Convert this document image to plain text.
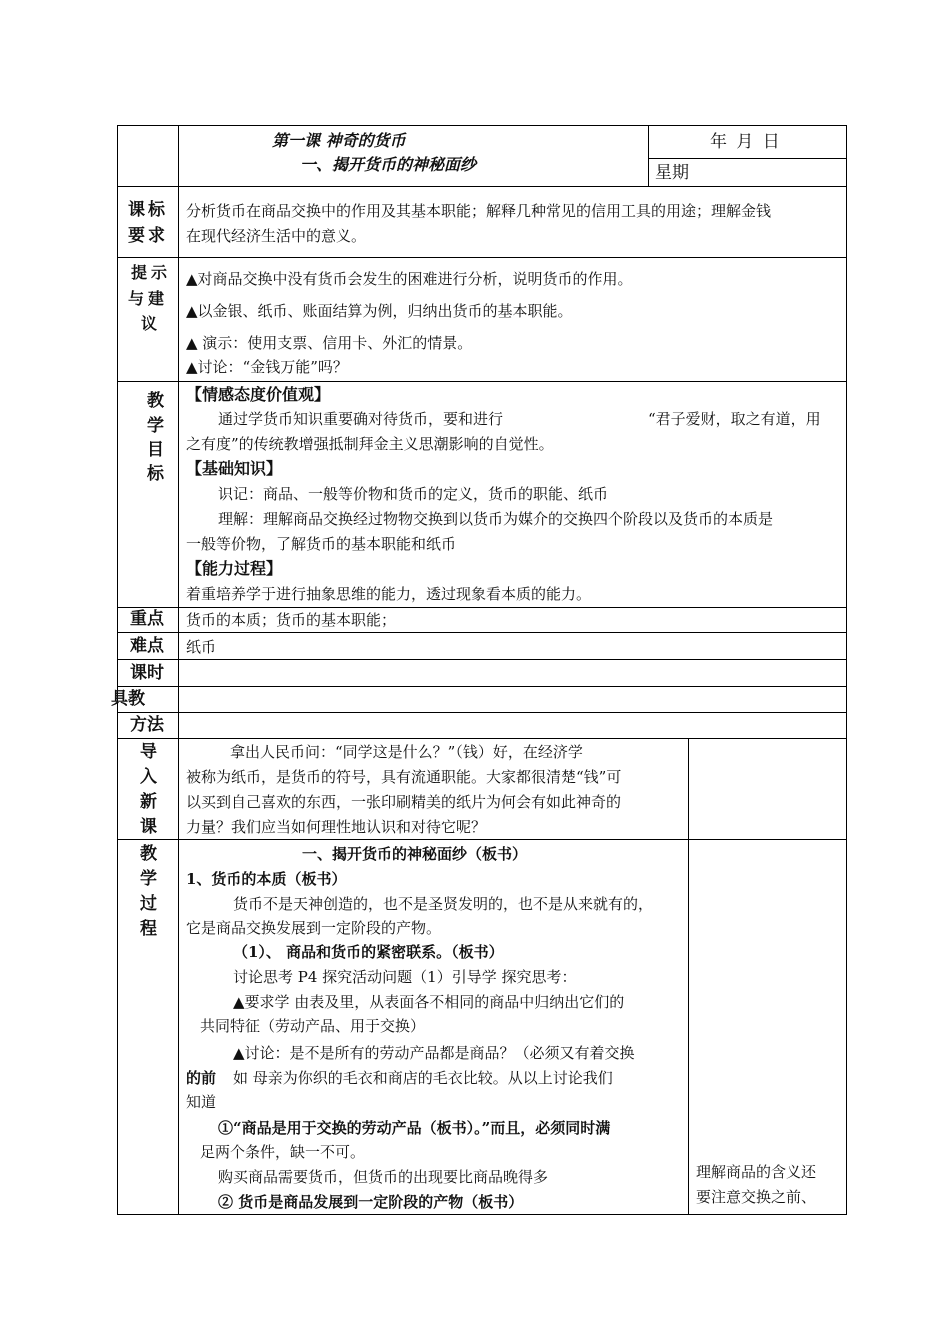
第一课 神奇的货币
一、揭开货币的神秘面纱
年 月 日
星期
课标
要求
分析货币在商品交换中的作用及其基本职能；解释几种常见的信用工具的用途；理解金钱
在现代经济生活中的意义。
提示
与建
议
▲对商品交换中没有货币会发生的困难进行分析，说明货币的作用。
▲以金银、纸币、账面结算为例，归纳出货币的基本职能。
▲ 演示：使用支票、信用卡、外汇的情景。
▲讨论：“金钱万能”吗？
教
学
目
标
【情感态度价值观】
通过学货币知识重要确对待货币，要和进行	“君子爱财，取之有道，用
之有度”的传统教增强抵制拜金主义思潮影响的自觉性。
【基础知识】
识记：商品、一般等价物和货币的定义，货币的职能、纸币
理解：理解商品交换经过物物交换到以货币为媒介的交换四个阶段以及货币的本质是
一般等价物，了解货币的基本职能和纸币
【能力过程】
着重培养学于进行抽象思维的能力，透过现象看本质的能力。
重点 货币的本质；货币的基本职能；
难点 纸币
课时
具教
方法
导
入
新
课
拿出人民币问：“同学这是什么？”（钱）好，在经济学
被称为纸币，是货币的符号，具有流通职能。大家都很清楚“钱”可
以买到自己喜欢的东西，一张印刷精美的纸片为何会有如此神奇的
力量？我们应当如何理性地认识和对待它呢？
教
学
过
程
一、揭开货币的神秘面纱（板书）
1、货币的本质（板书）
货币不是天神创造的，也不是圣贤发明的，也不是从来就有的，
它是商品交换发展到一定阶段的产物。
（1）、 商品和货币的紧密联系。（板书）
讨论思考 P4 探究活动问题（1）引导学 探究思考：
▲要求学 由表及里，从表面各不相同的商品中归纳出它们的
共同特征（劳动产品、用于交换）
▲讨论：是不是所有的劳动产品都是商品？（必须又有着交换
的前 如 母亲为你织的毛衣和商店的毛衣比较。从以上讨论我们
知道
①“商品是用于交换的劳动产品（板书）。”而且，必须同时满
足两个条件，缺一不可。
购买商品需要货币，但货币的出现要比商品晚得多
② 货币是商品发展到一定阶段的产物（板书）
理解商品的含义还
要注意交换之前、
